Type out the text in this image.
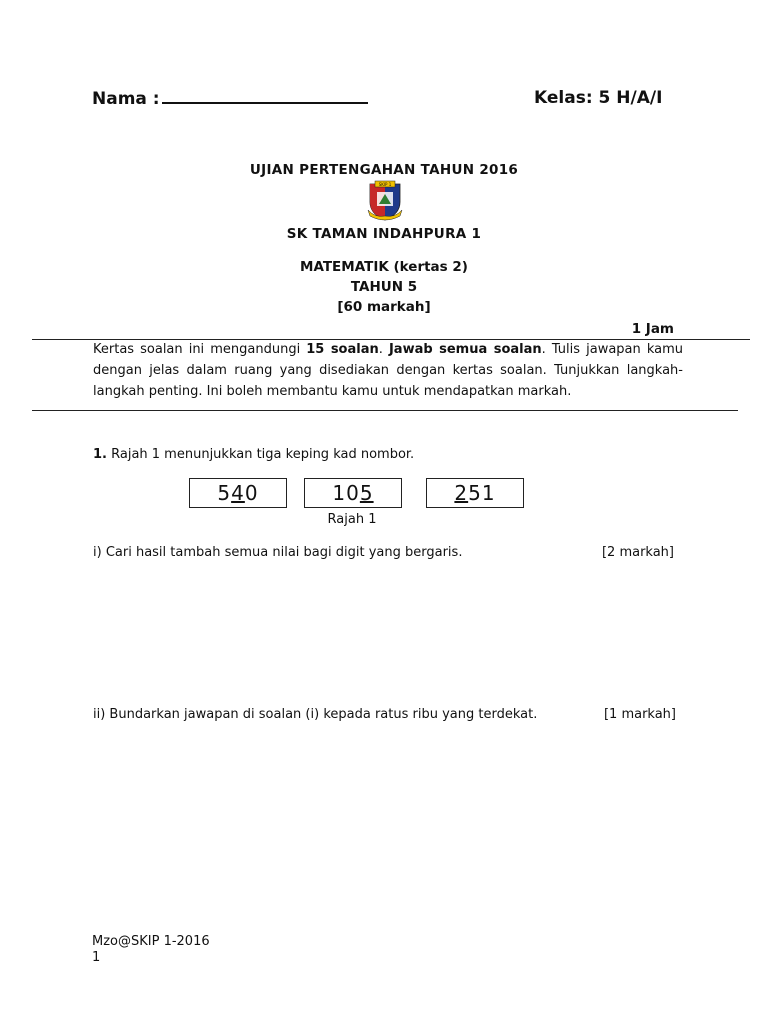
Nama :	Kelas: 5 H/A/I
UJIAN PERTENGAHAN TAHUN 2016
SKIP 1
SK TAMAN INDAHPURA 1
MATEMATIK (kertas 2)
TAHUN 5
[60 markah]
1 Jam
Kertas soalan ini mengandungi 15 soalan. Jawab semua soalan. Tulis jawapan kamu dengan jelas dalam ruang yang disediakan dengan kertas soalan. Tunjukkan langkah-langkah penting. Ini boleh membantu kamu untuk mendapatkan markah.
1. Rajah 1 menunjukkan tiga keping kad nombor.
540	105	251
Rajah 1
i) Cari hasil tambah semua nilai bagi digit yang bergaris.	[2 markah]
ii) Bundarkan jawapan di soalan (i) kepada ratus ribu yang terdekat.	[1 markah]
Mzo@SKIP 1-2016
1
